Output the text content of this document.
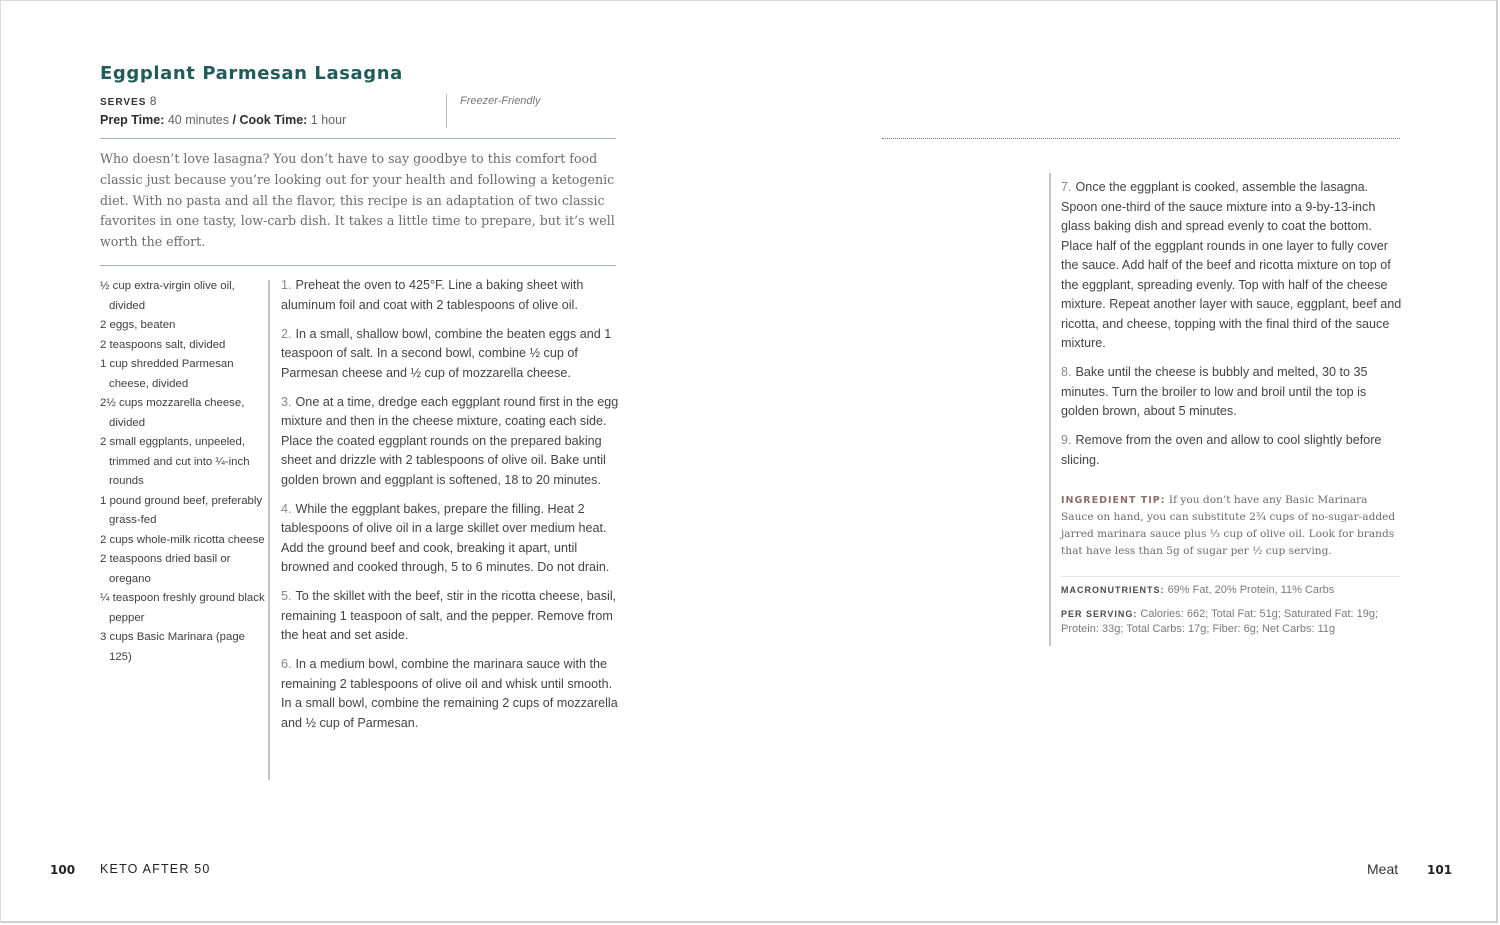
Eggplant Parmesan Lasagna
SERVES 8
Prep Time: 40 minutes / Cook Time: 1 hour
Freezer-Friendly
Who doesn’t love lasagna? You don’t have to say goodbye to this comfort food classic just because you’re looking out for your health and following a ketogenic diet. With no pasta and all the flavor, this recipe is an adaptation of two classic favorites in one tasty, low-carb dish. It takes a little time to prepare, but it’s well worth the effort.
½ cup extra-virgin olive oil, divided
2 eggs, beaten
2 teaspoons salt, divided
1 cup shredded Parmesan cheese, divided
2½ cups mozzarella cheese, divided
2 small eggplants, unpeeled, trimmed and cut into ¼-inch rounds
1 pound ground beef, preferably grass-fed
2 cups whole-milk ricotta cheese
2 teaspoons dried basil or oregano
¼ teaspoon freshly ground black pepper
3 cups Basic Marinara (page 125)
1. Preheat the oven to 425°F. Line a baking sheet with aluminum foil and coat with 2 tablespoons of olive oil.
2. In a small, shallow bowl, combine the beaten eggs and 1 teaspoon of salt. In a second bowl, combine ½ cup of Parmesan cheese and ½ cup of mozzarella cheese.
3. One at a time, dredge each eggplant round first in the egg mixture and then in the cheese mixture, coating each side. Place the coated eggplant rounds on the prepared baking sheet and drizzle with 2 tablespoons of olive oil. Bake until golden brown and eggplant is softened, 18 to 20 minutes.
4. While the eggplant bakes, prepare the filling. Heat 2 tablespoons of olive oil in a large skillet over medium heat. Add the ground beef and cook, breaking it apart, until browned and cooked through, 5 to 6 minutes. Do not drain.
5. To the skillet with the beef, stir in the ricotta cheese, basil, remaining 1 teaspoon of salt, and the pepper. Remove from the heat and set aside.
6. In a medium bowl, combine the marinara sauce with the remaining 2 tablespoons of olive oil and whisk until smooth. In a small bowl, combine the remaining 2 cups of mozzarella and ½ cup of Parmesan.
7. Once the eggplant is cooked, assemble the lasagna. Spoon one-third of the sauce mixture into a 9-by-13-inch glass baking dish and spread evenly to coat the bottom. Place half of the eggplant rounds in one layer to fully cover the sauce. Add half of the beef and ricotta mixture on top of the eggplant, spreading evenly. Top with half of the cheese mixture. Repeat another layer with sauce, eggplant, beef and ricotta, and cheese, topping with the final third of the sauce mixture.
8. Bake until the cheese is bubbly and melted, 30 to 35 minutes. Turn the broiler to low and broil until the top is golden brown, about 5 minutes.
9. Remove from the oven and allow to cool slightly before slicing.
INGREDIENT TIP: If you don’t have any Basic Marinara Sauce on hand, you can substitute 2¾ cups of no-sugar-added jarred marinara sauce plus ⅓ cup of olive oil. Look for brands that have less than 5g of sugar per ½ cup serving.
MACRONUTRIENTS: 69% Fat, 20% Protein, 11% Carbs
PER SERVING: Calories: 662; Total Fat: 51g; Saturated Fat: 19g; Protein: 33g; Total Carbs: 17g; Fiber: 6g; Net Carbs: 11g
100 KETO AFTER 50	Meat 101
